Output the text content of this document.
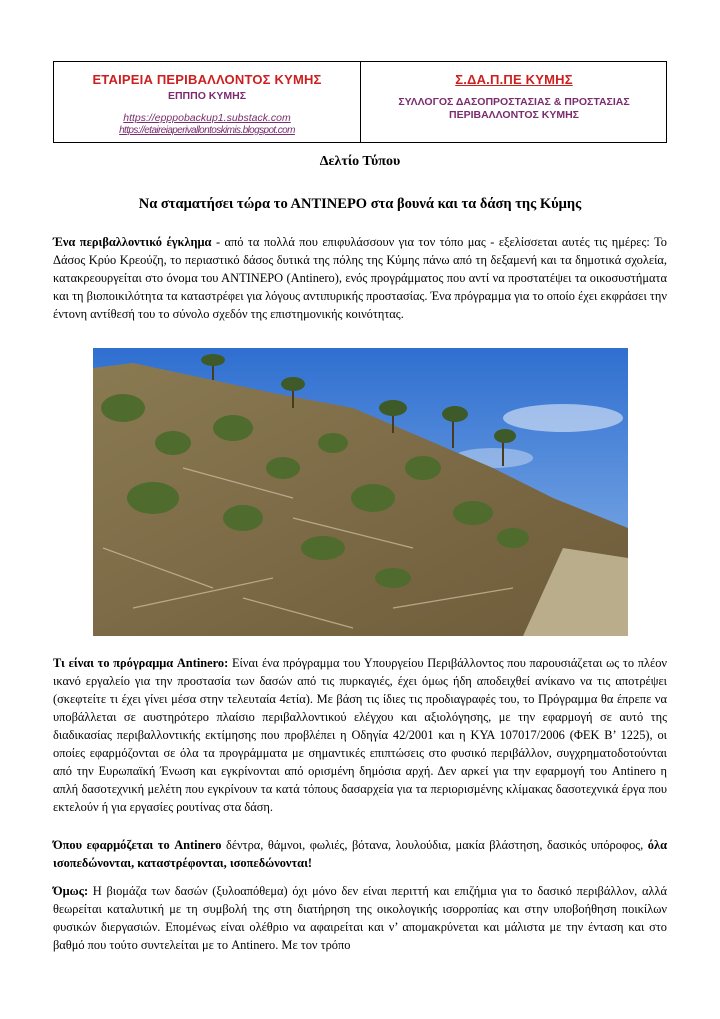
ΕΤΑΙΡΕΙΑ ΠΕΡΙΒΑΛΛΟΝΤΟΣ ΚΥΜΗΣ
ΕΠΠΠΟ ΚΥΜΗΣ
https://epppobackup1.substack.com
https://etaireiaperivallontoskimis.blogspot.com
Σ.ΔΑ.Π.ΠΕ ΚΥΜΗΣ
ΣΥΛΛΟΓΟΣ ΔΑΣΟΠΡΟΣΤΑΣΙΑΣ & ΠΡΟΣΤΑΣΙΑΣ
ΠΕΡΙΒΑΛΛΟΝΤΟΣ ΚΥΜΗΣ
Δελτίο Τύπου
Να σταματήσει τώρα το ΑΝΤΙΝΕΡΟ στα βουνά και τα δάση της Κύμης

Ένα περιβαλλοντικό έγκλημα - από τα πολλά που επιφυλάσσουν για τον τόπο μας - εξελίσσεται αυτές τις ημέρες: Το Δάσος Κρύο Κρεούζη, το περιαστικό δάσος δυτικά της πόλης της Κύμης πάνω από τη δεξαμενή και τα δημοτικά σχολεία, κατακρεουργείται στο όνομα του ΑΝΤΙΝΕΡΟ (Antinero), ενός προγράμματος που αντί να προστατέψει τα οικοσυστήματα και τη βιοποικιλότητα τα καταστρέφει για λόγους αντιπυρικής προστασίας. Ένα πρόγραμμα για το οποίο έχει εκφράσει την έντονη αντίθεσή του το σύνολο σχεδόν της επιστημονικής κοινότητας.

Τι είναι το πρόγραμμα Antinero: Είναι ένα πρόγραμμα του Υπουργείου Περιβάλλοντος που παρουσιάζεται ως το πλέον ικανό εργαλείο για την προστασία των δασών από τις πυρκαγιές, έχει όμως ήδη αποδειχθεί ανίκανο να τις αποτρέψει (σκεφτείτε τι έχει γίνει μέσα στην τελευταία 4ετία). Με βάση τις ίδιες τις προδιαγραφές του, το Πρόγραμμα θα έπρεπε να υποβάλλεται σε αυστηρότερο πλαίσιο περιβαλλοντικού ελέγχου και αξιολόγησης, με την εφαρμογή σε αυτό της διαδικασίας περιβαλλοντικής εκτίμησης που προβλέπει η Οδηγία 42/2001 και η ΚΥΑ 107017/2006 (ΦΕΚ Β’ 1225), οι οποίες εφαρμόζονται σε όλα τα προγράμματα με σημαντικές επιπτώσεις στο φυσικό περιβάλλον, συγχρηματοδοτούνται από την Ευρωπαϊκή Ένωση και εγκρίνονται από ορισμένη δημόσια αρχή. Δεν αρκεί για την εφαρμογή του Antinero η απλή δασοτεχνική μελέτη που εγκρίνουν τα κατά τόπους δασαρχεία για τα περιορισμένης κλίμακας δασοτεχνικά έργα που εκτελούν ή για εργασίες ρουτίνας στα δάση.

Όπου εφαρμόζεται το Antinero δέντρα, θάμνοι, φωλιές, βότανα, λουλούδια, μακία βλάστηση, δασικός υπόροφος, όλα ισοπεδώνονται, καταστρέφονται, ισοπεδώνονται!

Όμως: Η βιομάζα των δασών (ξυλοαπόθεμα) όχι μόνο δεν είναι περιττή και επιζήμια για το δασικό περιβάλλον, αλλά θεωρείται καταλυτική με τη συμβολή της στη διατήρηση της οικολογικής ισορροπίας και στην υποβοήθηση ποικίλων φυσικών διεργασιών. Επομένως είναι ολέθριο να αφαιρείται και ν’ απομακρύνεται και μάλιστα με την ένταση και στο βαθμό που τούτο συντελείται με το Antinero. Με τον τρόπο
